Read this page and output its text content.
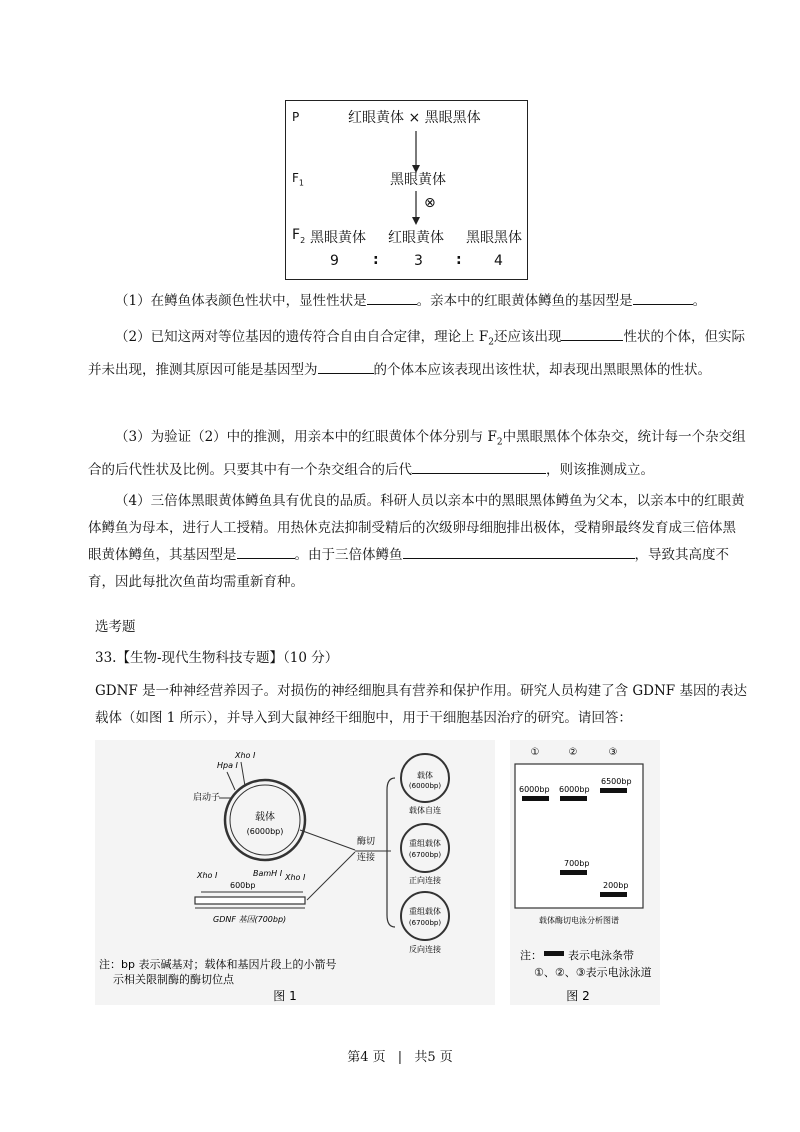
P	红眼黄体 × 黑眼黑体
$F_1$	黑眼黄体
⊗
$F_2$ 黑眼黄体 红眼黄体 黑眼黑体
9 :	3 : 4

（1）在鳟鱼体表颜色性状中，显性性状是	。亲本中的红眼黄体鳟鱼的基因型是	。

（2）已知这两对等位基因的遗传符合自由自合定律，理论上 $F_2$还应该出现	性状的个体，但实际并未出现，推测其原因可能是基因型为	的个体本应该表现出该性状，却表现出黑眼黑体的性状。

（3）为验证（2）中的推测，用亲本中的红眼黄体个体分别与 $F_2$中黑眼黑体个体杂交，统计每一个杂交组合的后代性状及比例。只要其中有一个杂交组合的后代	，则该推测成立。

（4）三倍体黑眼黄体鳟鱼具有优良的品质。科研人员以亲本中的黑眼黑体鳟鱼为父本，以亲本中的红眼黄体鳟鱼为母本，进行人工授精。用热休克法抑制受精后的次级卵母细胞排出极体，受精卵最终发育成三倍体黑眼黄体鳟鱼，其基因型是	。由于三倍体鳟鱼	，导致其高度不育，因此每批次鱼苗均需重新育种。

选考题

33.【生物-现代生物科技专题】（10 分）

GDNF 是一种神经营养因子。对损伤的神经细胞具有营养和保护作用。研究人员构建了含 GDNF 基因的表达载体（如图 1 所示），并导入到大鼠神经干细胞中，用于干细胞基因治疗的研究。请回答：

载体
(6000bp)
Hpa I
Xho I
启动子
Xho I	BamH I Xho I
600bp
GDNF 基因(700bp)
酶切
连接
载体
(6000bp)
载体自连
重组载体
(6700bp)
正向连接
重组载体
(6700bp)
反向连接
注：bp 表示碱基对；载体和基因片段上的小箭号
示相关限制酶的酶切位点
图 1
①	②	③
6000bp 6000bp
6500bp
700bp
200bp
载体酶切电泳分析图谱
注： 表示电泳条带
①、②、③表示电泳泳道
图 2
第4 页 | 共5 页
